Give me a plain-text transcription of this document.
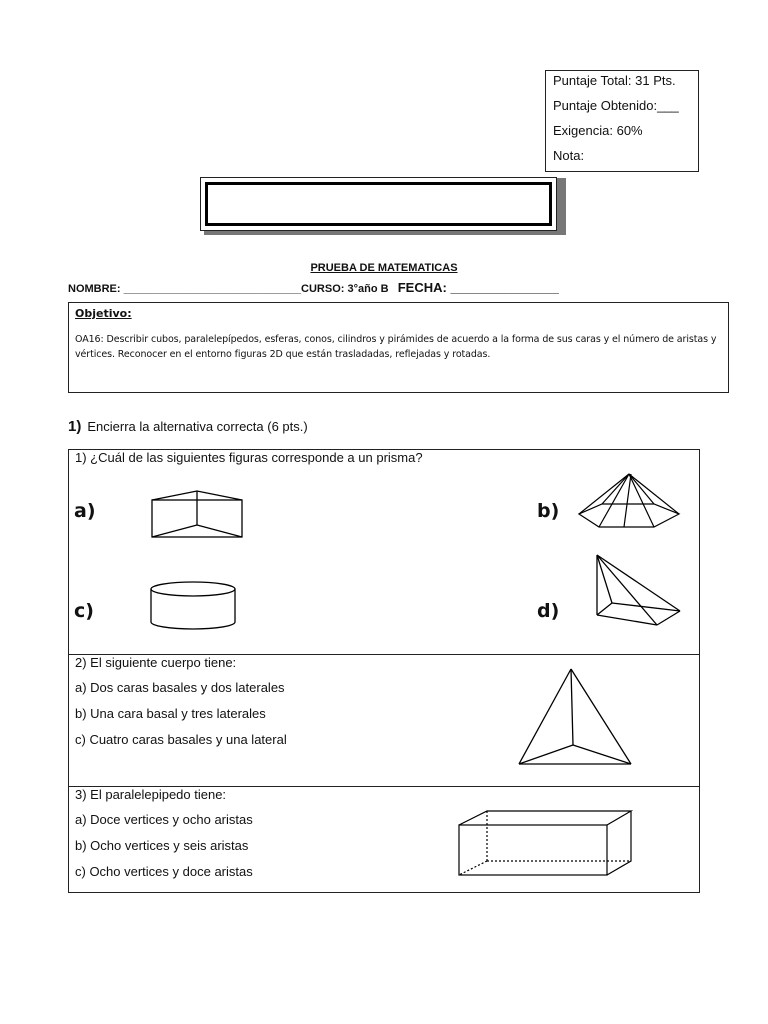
Puntaje Total: 31 Pts.
Puntaje Obtenido:___
Exigencia: 60%
Nota:
PRUEBA DE MATEMATICAS
NOMBRE: _____________________________CURSO: 3°año B FECHA: _______________
Objetivo:
OA16: Describir cubos, paralelepípedos, esferas, conos, cilindros y pirámides de acuerdo a la forma de sus caras y el número de aristas y vértices. Reconocer en el entorno figuras 2D que están trasladadas, reflejadas y rotadas.
1) Encierra la alternativa correcta (6 pts.)
1) ¿Cuál de las siguientes figuras corresponde a un prisma?
a)	b)
c)	d)
2) El siguiente cuerpo tiene:
a) Dos caras basales y dos laterales
b) Una cara basal y tres laterales
c) Cuatro caras basales y una lateral
3) El paralelepipedo tiene:
a) Doce vertices y ocho aristas
b) Ocho vertices y seis aristas
c) Ocho vertices y doce aristas
